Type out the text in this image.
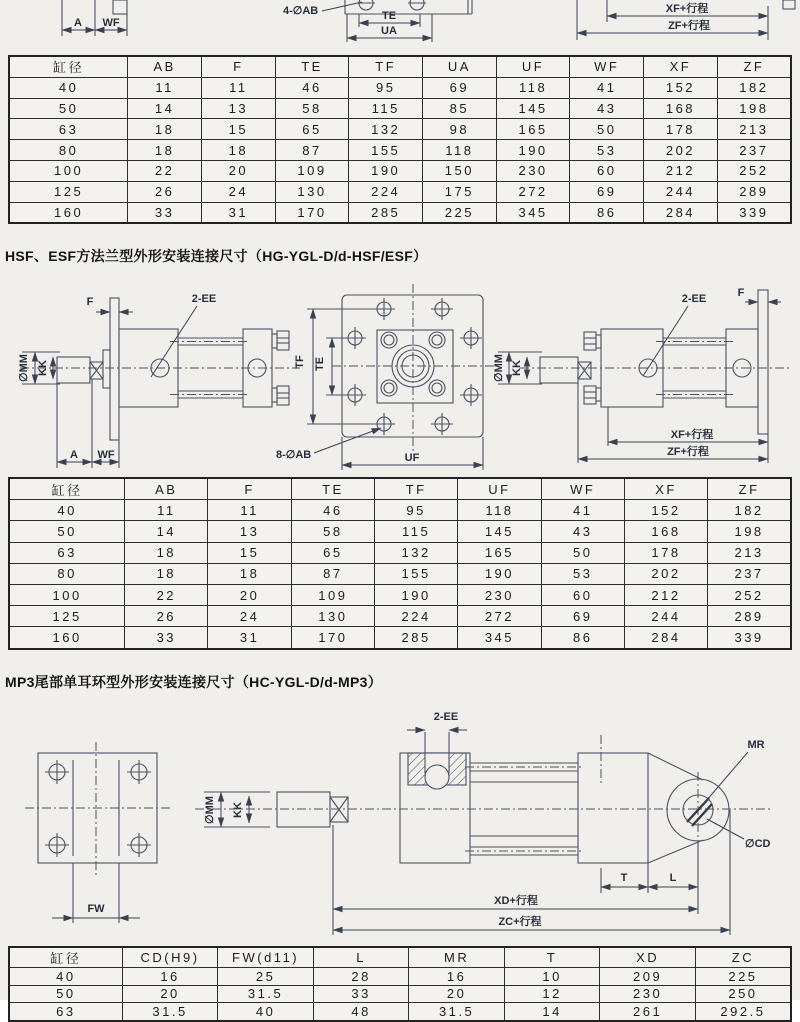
A WF
4-∅AB	TE
UA
XF+行程
ZF+行程
缸径	AB	F	TE	TF	UA	UF	WF	XF	ZF
40	11	11	46	95	69	118	41	152	182
50	14	13	58	115	85	145	43	168	198
63	18	15	65	132	98	165	50	178	213
80	18	18	87	155	118	190	53	202	237
100	22	20	109	190	150	230	60	212	252
125	26	24	130	224	175	272	69	244	289
160	33	31	170	285	225	345	86	284	339

HSF、ESF方法兰型外形安装连接尺寸（HG-YGL-D/d-HSF/ESF）

∅MM KK
2-EE
F
A WF
TF TE
8-∅AB	UF
∅MM KK
2-EE	F
XF+行程
ZF+行程
缸径	AB	F	TE	TF	UF	WF	XF	ZF
40	11	11	46	95	118	41	152	182
50	14	13	58	115	145	43	168	198
63	18	15	65	132	165	50	178	213
80	18	18	87	155	190	53	202	237
100	22	20	109	190	230	60	212	252
125	26	24	130	224	272	69	244	289
160	33	31	170	285	345	86	284	339

MP3尾部单耳环型外形安装连接尺寸（HC-YGL-D/d-MP3）

FW
∅MM KK
2-EE
MR
∅CD
T	L
XD+行程
ZC+行程
缸径	CD(H9)	FW(d11)	L	MR	T	XD	ZC
40	16	25	28	16	10	209	225
50	20	31.5	33	20	12	230	250
63	31.5	40	48	31.5	14	261	292.5
